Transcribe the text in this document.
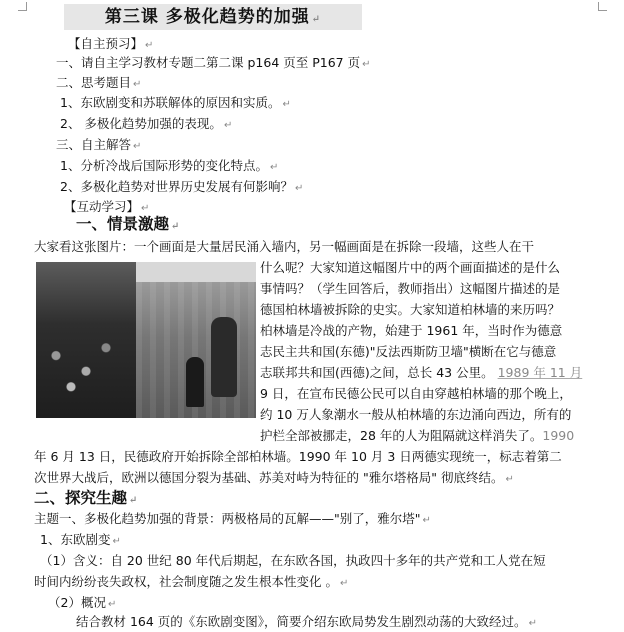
第三课 多极化趋势的加强 ↵
【自主预习】 ↵
一、请自主学习教材专题二第二课 p164 页至 P167 页 ↵
二、思考题目 ↵
1、东欧剧变和苏联解体的原因和实质。 ↵
2、 多极化趋势加强的表现。 ↵
三、自主解答 ↵
1、分析冷战后国际形势的变化特点。 ↵
2、多极化趋势对世界历史发展有何影响？ ↵
【互动学习】 ↵
一、情景激趣 ↵
大家看这张图片：一个画面是大量居民涌入墙内，另一幅画面是在拆除一段墙，这些人在干
什么呢？大家知道这幅图片中的两个画面描述的是什么
事情吗？（学生回答后，教师指出）这幅图片描述的是
德国柏林墙被拆除的史实。大家知道柏林墙的来历吗？
柏林墙是冷战的产物，始建于 1961 年，当时作为德意
志民主共和国(东德)"反法西斯防卫墙"横断在它与德意
志联邦共和国(西德)之间，总长 43 公里。 1989 年 11 月
9 日，在宣布民德公民可以自由穿越柏林墙的那个晚上，
约 10 万人象潮水一般从柏林墙的东边涌向西边，所有的
护栏全部被挪走，28 年的人为阻隔就这样消失了。1990
年 6 月 13 日，民德政府开始拆除全部柏林墙。1990 年 10 月 3 日两德实现统一，标志着第二
次世界大战后，欧洲以德国分裂为基础、苏美对峙为特征的 "雅尔塔格局" 彻底终结。 ↵
二、探究生趣 ↵
主题一、多极化趋势加强的背景：两极格局的瓦解——"别了，雅尔塔" ↵
1、东欧剧变 ↵
（1）含义：自 20 世纪 80 年代后期起，在东欧各国，执政四十多年的共产党和工人党在短
时间内纷纷丧失政权，社会制度随之发生根本性变化 。 ↵
（2）概况 ↵
结合教材 164 页的《东欧剧变图》，简要介绍东欧局势发生剧烈动荡的大致经过。 ↵
